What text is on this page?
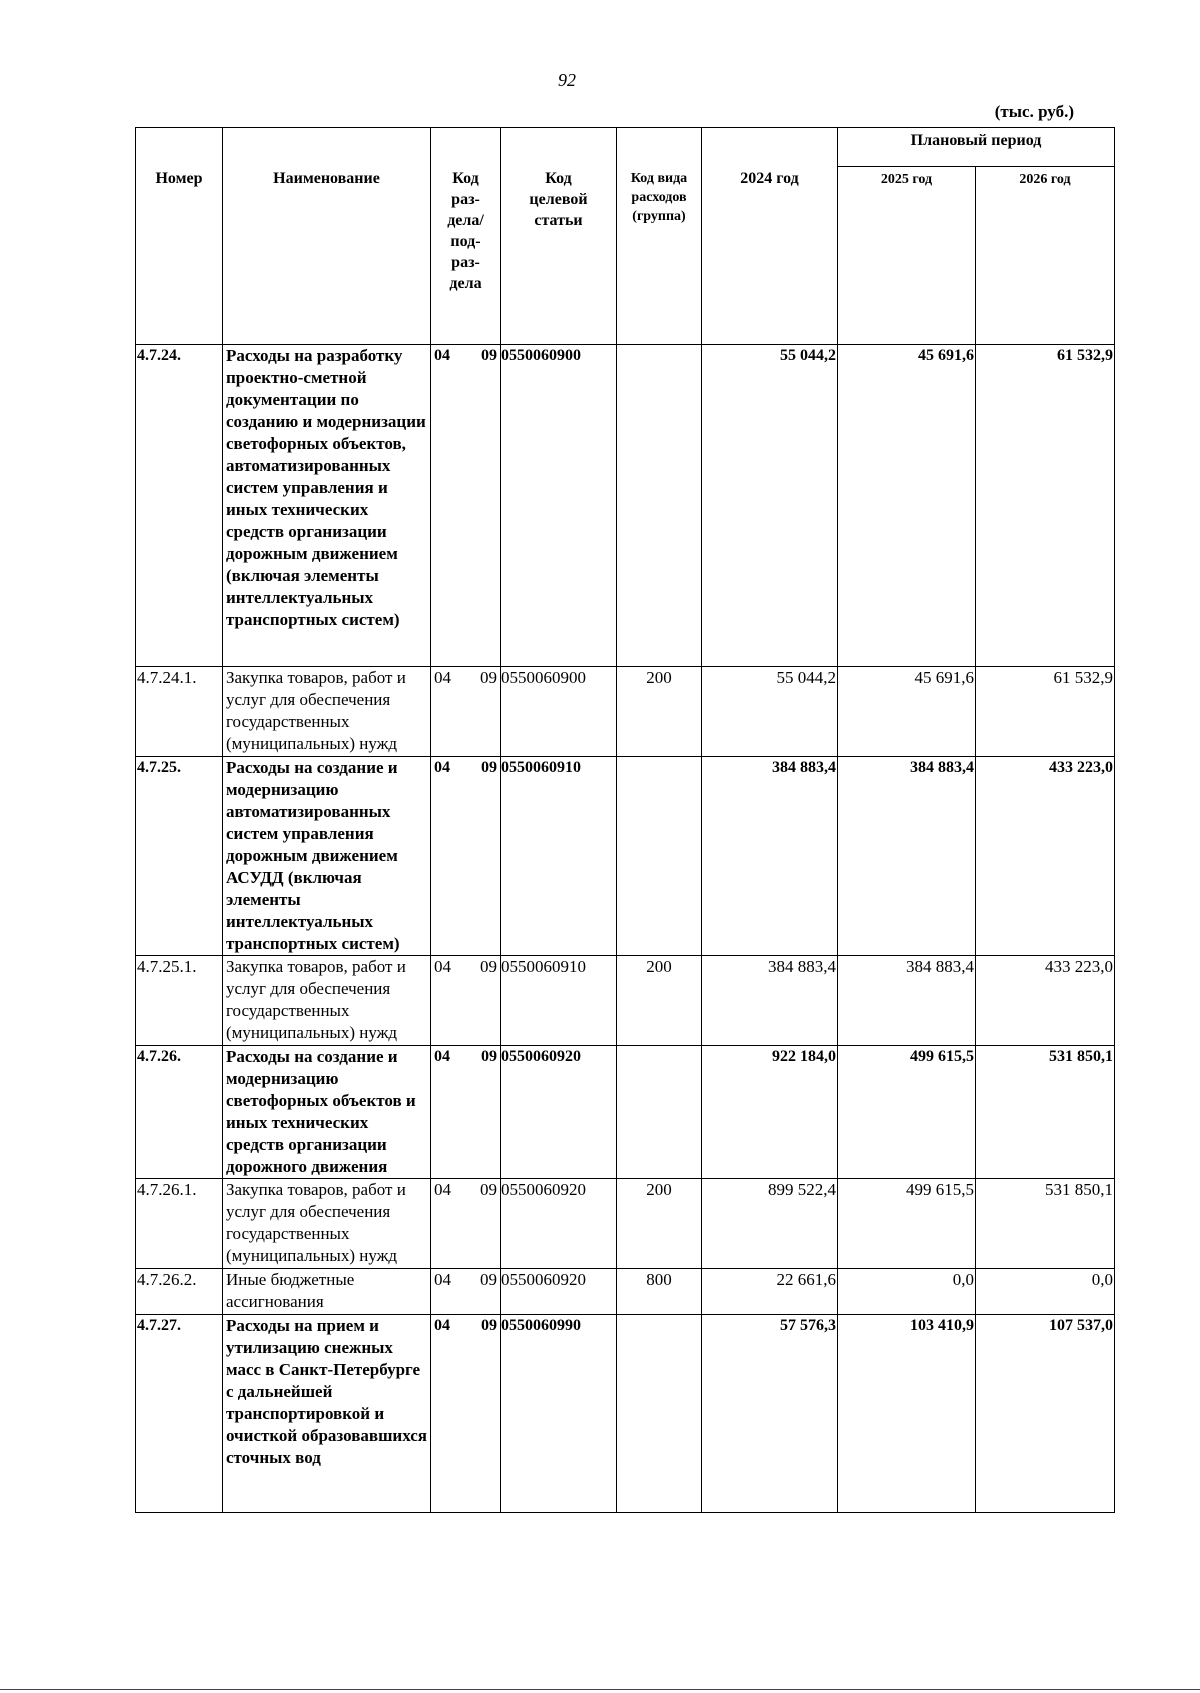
92
(тыс. руб.)
Номер	Наименование	Код раз-дела/ под-раз-дела	Код целевой статьи	Код вида расходов (группа)	2024 год	Плановый период	
						2025 год	2026 год
4.7.24.	Расходы на разработку проектно-сметной документации по созданию и модернизации светофорных объектов, автоматизированных систем управления и иных технических средств организации дорожным движением (включая элементы интеллектуальных транспортных систем)	04 09	0550060900		55 044,2	45 691,6	61 532,9
4.7.24.1.	Закупка товаров, работ и услуг для обеспечения государственных (муниципальных) нужд	04 09	0550060900	200	55 044,2	45 691,6	61 532,9
4.7.25.	Расходы на создание и модернизацию автоматизированных систем управления дорожным движением АСУДД (включая элементы интеллектуальных транспортных систем)	04 09	0550060910		384 883,4	384 883,4	433 223,0
4.7.25.1.	Закупка товаров, работ и услуг для обеспечения государственных (муниципальных) нужд	04 09	0550060910	200	384 883,4	384 883,4	433 223,0
4.7.26.	Расходы на создание и модернизацию светофорных объектов и иных технических средств организации дорожного движения	04 09	0550060920		922 184,0	499 615,5	531 850,1
4.7.26.1.	Закупка товаров, работ и услуг для обеспечения государственных (муниципальных) нужд	04 09	0550060920	200	899 522,4	499 615,5	531 850,1
4.7.26.2.	Иные бюджетные ассигнования	04 09	0550060920	800	22 661,6	0,0	0,0
4.7.27.	Расходы на прием и утилизацию снежных масс в Санкт-Петербурге с дальнейшей транспортировкой и очисткой образовавшихся сточных вод	04 09	0550060990		57 576,3	103 410,9	107 537,0
